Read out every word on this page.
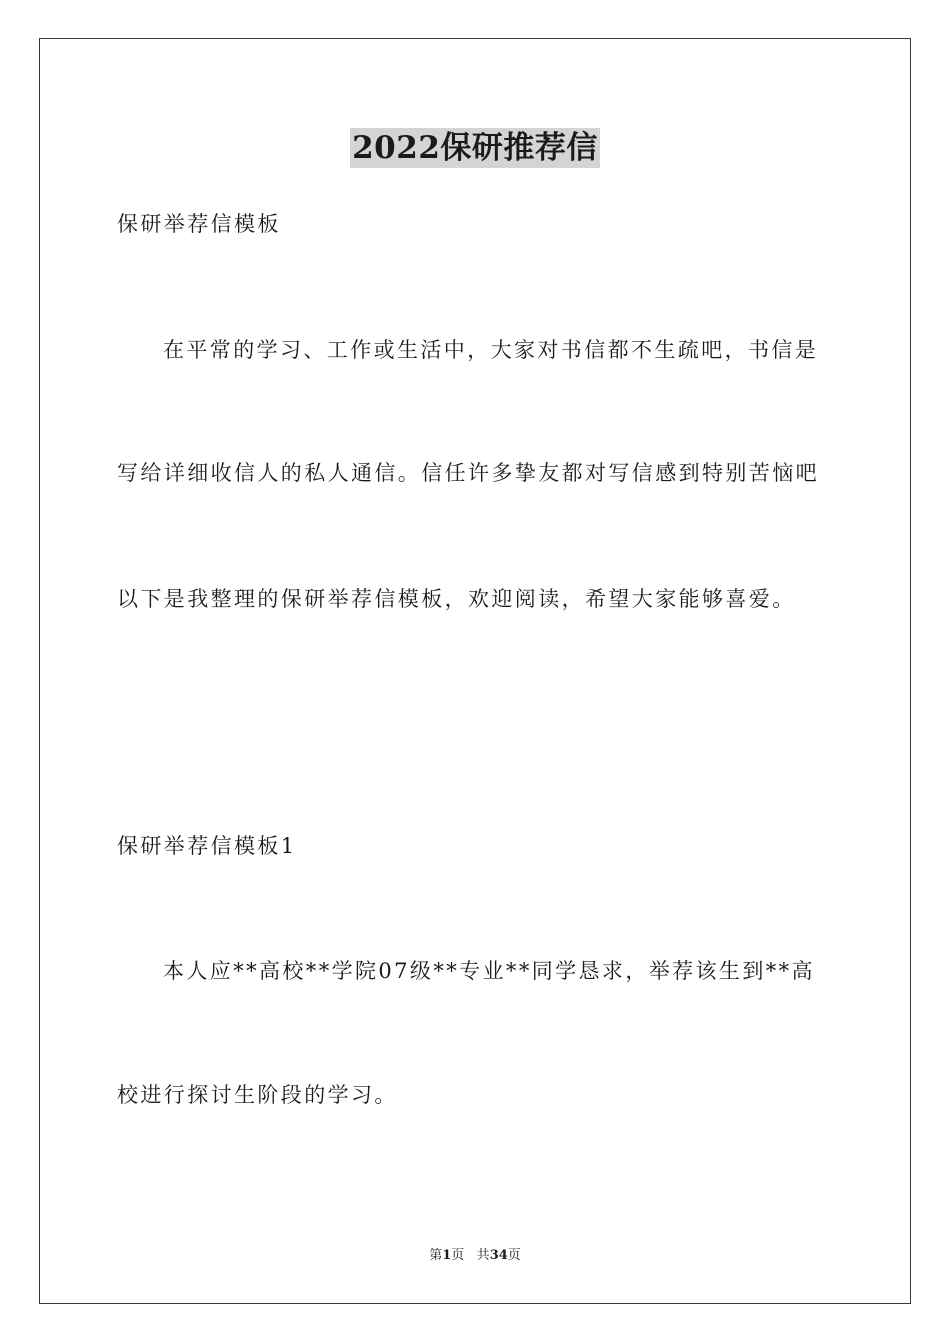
2022保研推荐信
保研举荐信模板
在平常的学习、工作或生活中，大家对书信都不生疏吧，书信是
写给详细收信人的私人通信。信任许多挚友都对写信感到特别苦恼吧
以下是我整理的保研举荐信模板，欢迎阅读，希望大家能够喜爱。
保研举荐信模板1
本人应**高校**学院07级**专业**同学恳求，举荐该生到**高
校进行探讨生阶段的学习。
第1页 共34页
